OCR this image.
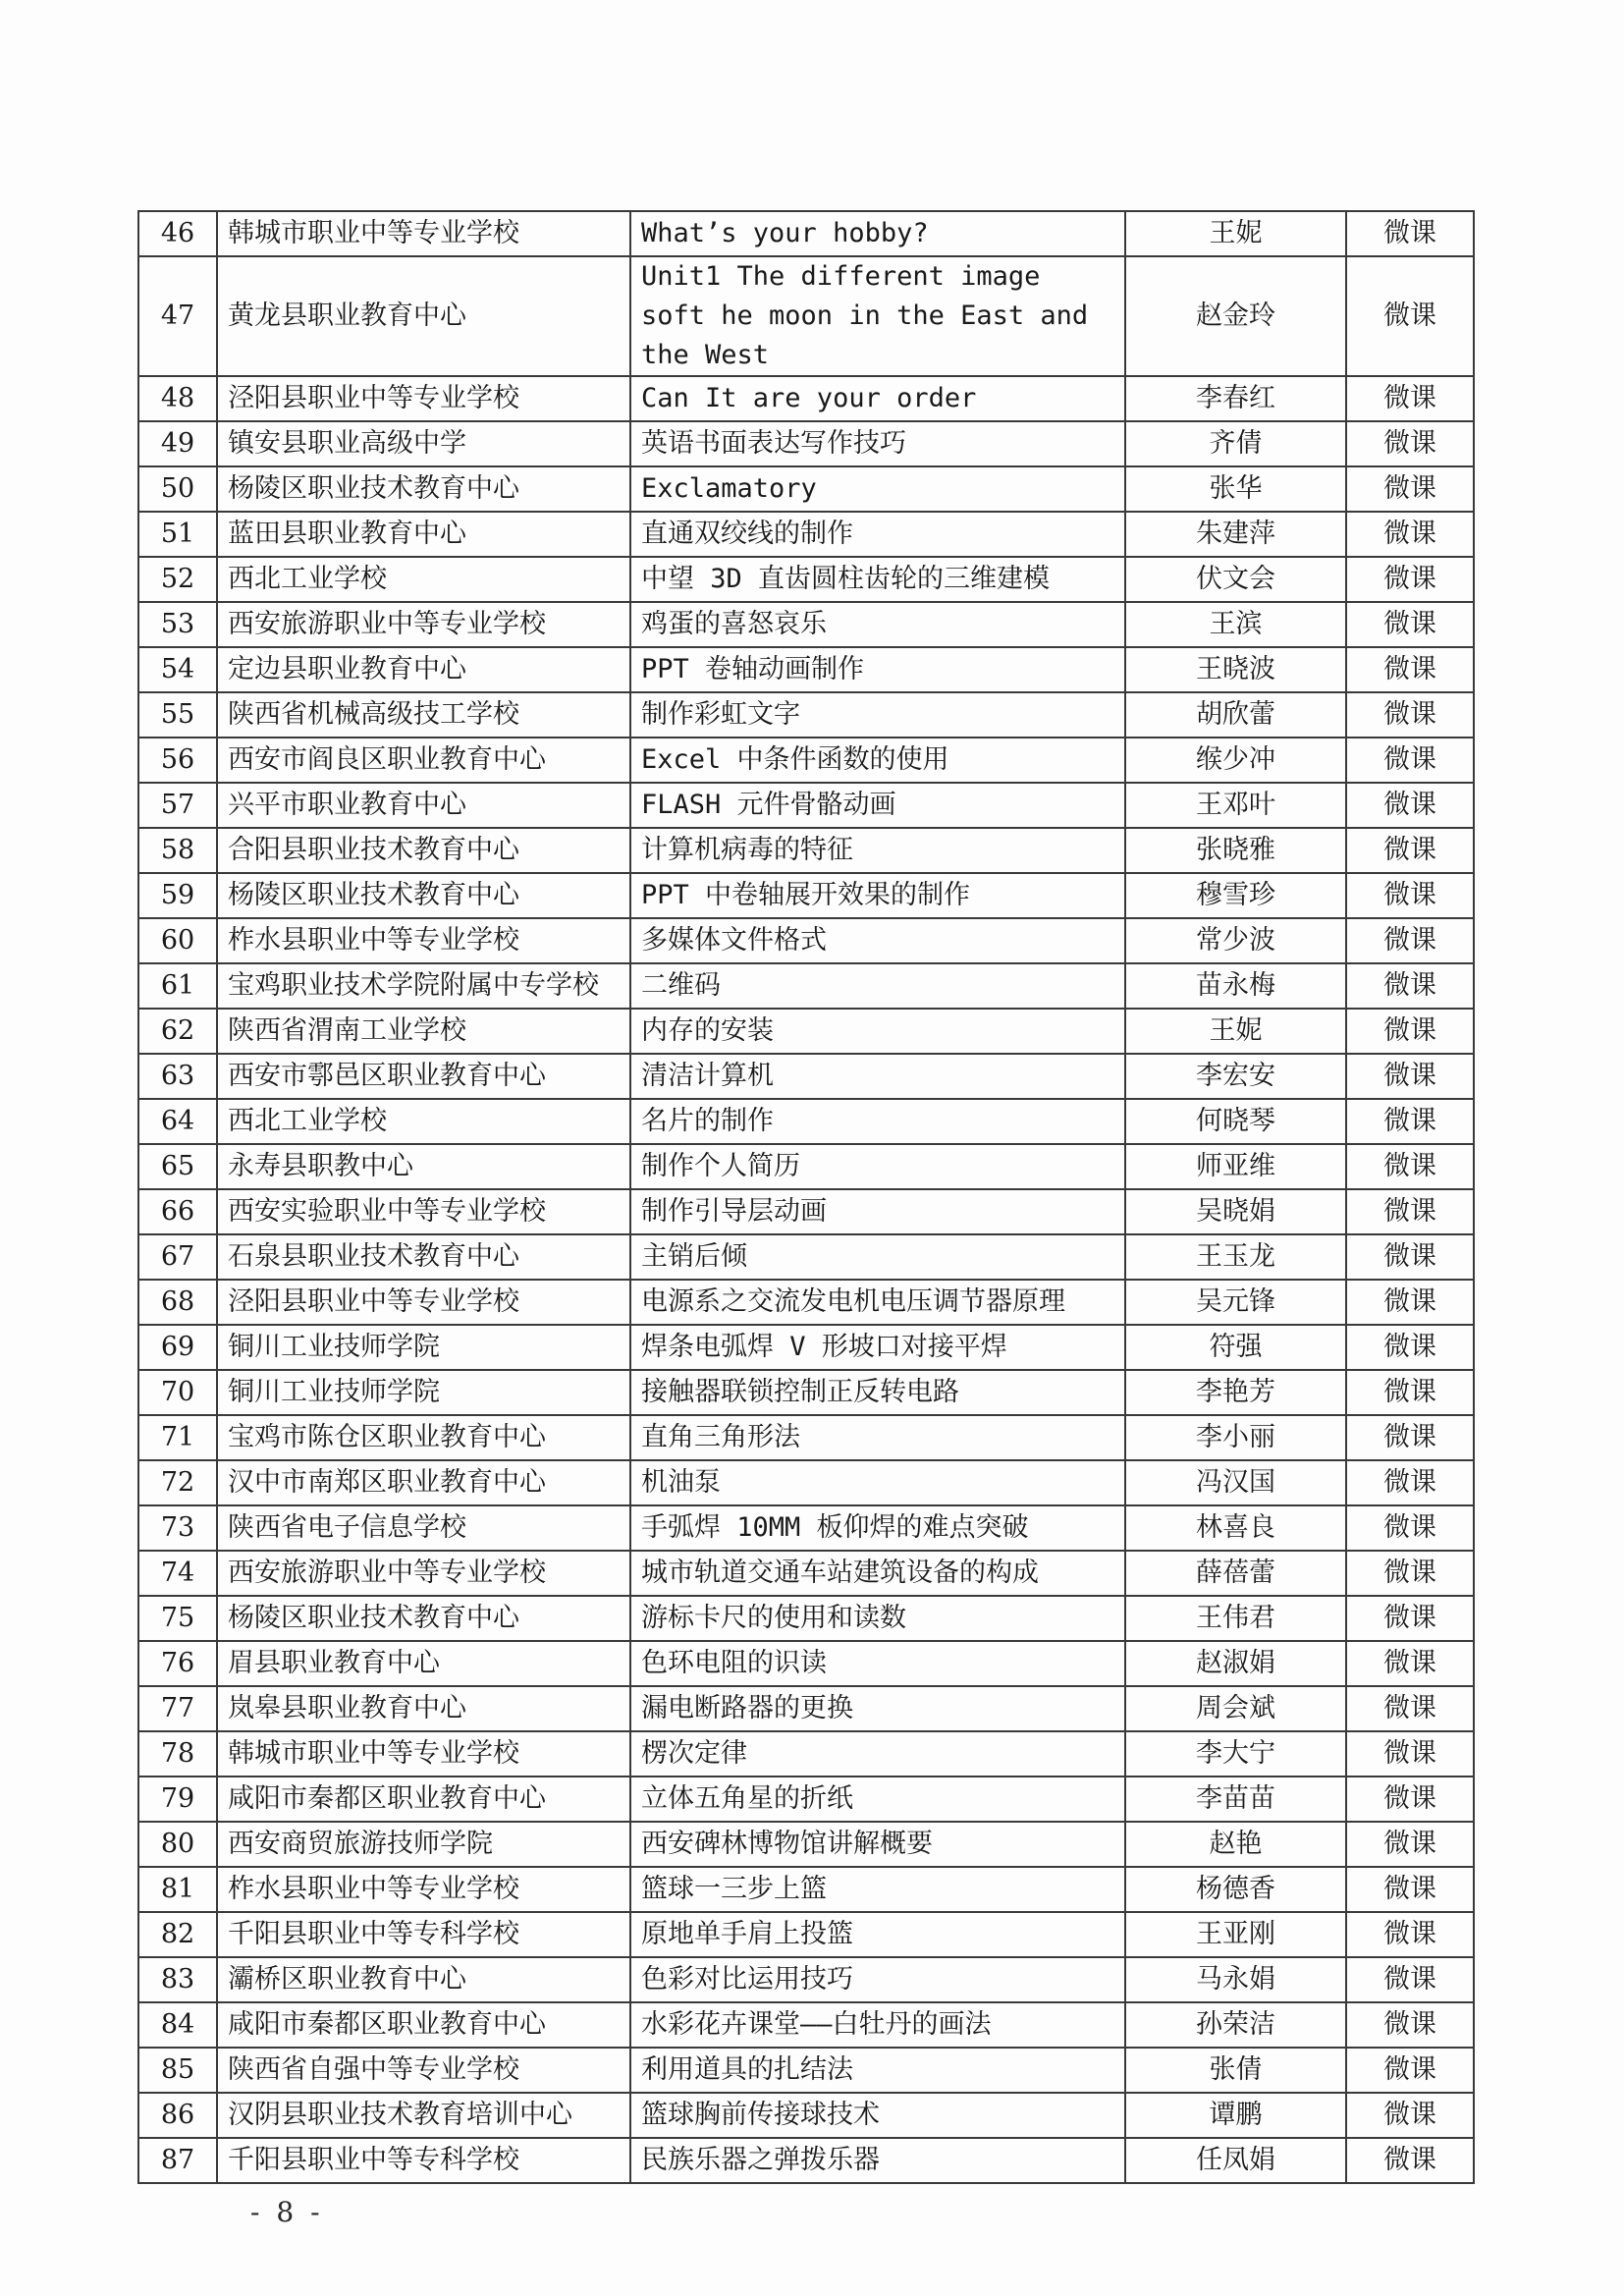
46	韩城市职业中等专业学校	What’s your hobby?	王妮	微课
47	黄龙县职业教育中心	Unit1 The different image soft he moon in the East and the West	赵金玲	微课
48	泾阳县职业中等专业学校	Can It are your order	李春红	微课
49	镇安县职业高级中学	英语书面表达写作技巧	齐倩	微课
50	杨陵区职业技术教育中心	Exclamatory	张华	微课
51	蓝田县职业教育中心	直通双绞线的制作	朱建萍	微课
52	西北工业学校	中望 3D 直齿圆柱齿轮的三维建模	伏文会	微课
53	西安旅游职业中等专业学校	鸡蛋的喜怒哀乐	王滨	微课
54	定边县职业教育中心	PPT 卷轴动画制作	王晓波	微课
55	陕西省机械高级技工学校	制作彩虹文字	胡欣蕾	微课
56	西安市阎良区职业教育中心	Excel 中条件函数的使用	缑少冲	微课
57	兴平市职业教育中心	FLASH 元件骨骼动画	王邓叶	微课
58	合阳县职业技术教育中心	计算机病毒的特征	张晓雅	微课
59	杨陵区职业技术教育中心	PPT 中卷轴展开效果的制作	穆雪珍	微课
60	柞水县职业中等专业学校	多媒体文件格式	常少波	微课
61	宝鸡职业技术学院附属中专学校	二维码	苗永梅	微课
62	陕西省渭南工业学校	内存的安装	王妮	微课
63	西安市鄠邑区职业教育中心	清洁计算机	李宏安	微课
64	西北工业学校	名片的制作	何晓琴	微课
65	永寿县职教中心	制作个人简历	师亚维	微课
66	西安实验职业中等专业学校	制作引导层动画	吴晓娟	微课
67	石泉县职业技术教育中心	主销后倾	王玉龙	微课
68	泾阳县职业中等专业学校	电源系之交流发电机电压调节器原理	吴元锋	微课
69	铜川工业技师学院	焊条电弧焊 V 形坡口对接平焊	符强	微课
70	铜川工业技师学院	接触器联锁控制正反转电路	李艳芳	微课
71	宝鸡市陈仓区职业教育中心	直角三角形法	李小丽	微课
72	汉中市南郑区职业教育中心	机油泵	冯汉国	微课
73	陕西省电子信息学校	手弧焊 10MM 板仰焊的难点突破	林喜良	微课
74	西安旅游职业中等专业学校	城市轨道交通车站建筑设备的构成	薛蓓蕾	微课
75	杨陵区职业技术教育中心	游标卡尺的使用和读数	王伟君	微课
76	眉县职业教育中心	色环电阻的识读	赵淑娟	微课
77	岚皋县职业教育中心	漏电断路器的更换	周会斌	微课
78	韩城市职业中等专业学校	楞次定律	李大宁	微课
79	咸阳市秦都区职业教育中心	立体五角星的折纸	李苗苗	微课
80	西安商贸旅游技师学院	西安碑林博物馆讲解概要	赵艳	微课
81	柞水县职业中等专业学校	篮球一三步上篮	杨德香	微课
82	千阳县职业中等专科学校	原地单手肩上投篮	王亚刚	微课
83	灞桥区职业教育中心	色彩对比运用技巧	马永娟	微课
84	咸阳市秦都区职业教育中心	水彩花卉课堂——白牡丹的画法	孙荣洁	微课
85	陕西省自强中等专业学校	利用道具的扎结法	张倩	微课
86	汉阴县职业技术教育培训中心	篮球胸前传接球技术	谭鹏	微课
87	千阳县职业中等专科学校	民族乐器之弹拨乐器	任凤娟	微课
- 8 -
